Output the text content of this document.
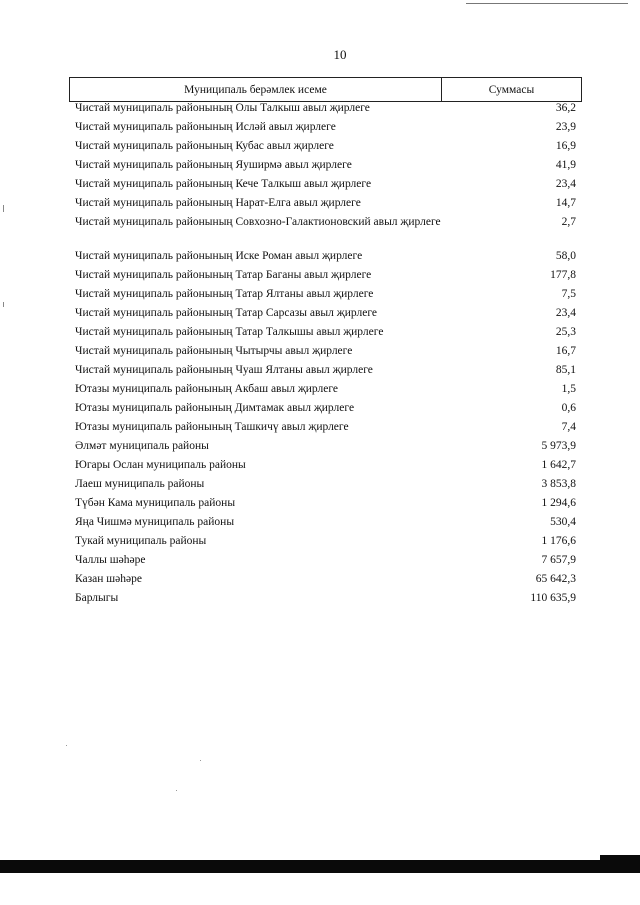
10
Муниципаль берәмлек исеме	Суммасы
Чистай муниципаль районының Олы Талкыш авыл җирлеге	36,2
Чистай муниципаль районының Исләй авыл җирлеге	23,9
Чистай муниципаль районының Кубас авыл җирлеге	16,9
Чистай муниципаль районының Яуширмә авыл җирлеге	41,9
Чистай муниципаль районының Кече Талкыш авыл җирлеге	23,4
Чистай муниципаль районының Нарат-Елга авыл җирлеге	14,7
Чистай муниципаль районының Совхозно-Галактионовский авыл җирлеге	2,7
Чистай муниципаль районының Иске Роман авыл җирлеге	58,0
Чистай муниципаль районының Татар Баганы авыл җирлеге	177,8
Чистай муниципаль районының Татар Ялтаны авыл җирлеге	7,5
Чистай муниципаль районының Татар Сарсазы авыл җирлеге	23,4
Чистай муниципаль районының Татар Талкышы авыл җирлеге	25,3
Чистай муниципаль районының Чытырчы авыл җирлеге	16,7
Чистай муниципаль районының Чуаш Ялтаны авыл җирлеге	85,1
Ютазы муниципаль районының Акбаш авыл җирлеге	1,5
Ютазы муниципаль районының Димтамак авыл җирлеге	0,6
Ютазы муниципаль районының Ташкичү авыл җирлеге	7,4
Әлмәт муниципаль районы	5 973,9
Югары Ослан муниципаль районы	1 642,7
Лаеш муниципаль районы	3 853,8
Түбән Кама муниципаль районы	1 294,6
Яңа Чишмә муниципаль районы	530,4
Тукай муниципаль районы	1 176,6
Чаллы шәһәре	7 657,9
Казан шәһәре	65 642,3
Барлыгы	110 635,9
